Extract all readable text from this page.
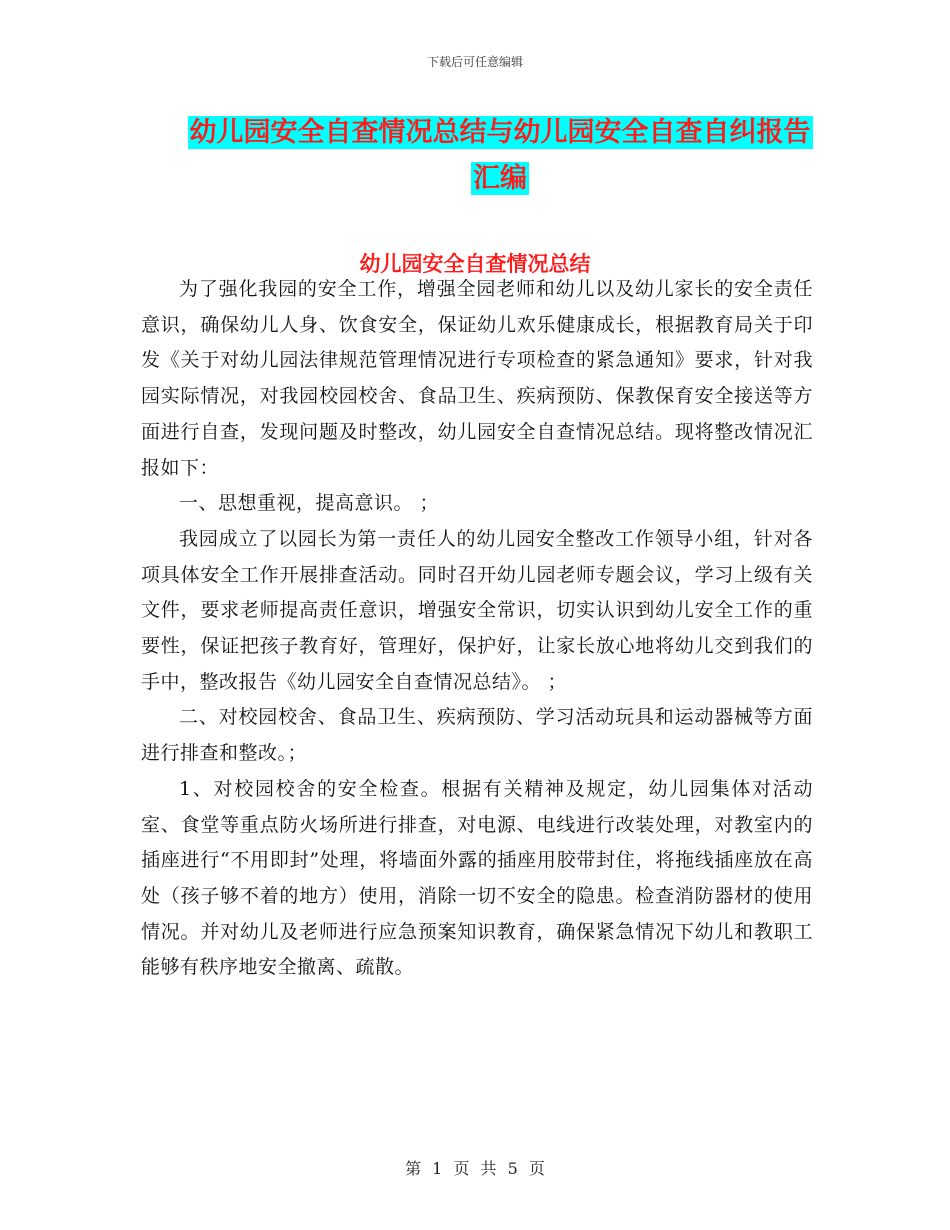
下载后可任意编辑
幼儿园安全自查情况总结与幼儿园安全自查自纠报告
汇编
幼儿园安全自查情况总结

为了强化我园的安全工作，增强全园老师和幼儿以及幼儿家长的安全责任意识，确保幼儿人身、饮食安全，保证幼儿欢乐健康成长，根据教育局关于印发《关于对幼儿园法律规范管理情况进行专项检查的紧急通知》要求，针对我园实际情况，对我园校园校舍、食品卫生、疾病预防、保教保育安全接送等方面进行自查，发现问题及时整改，幼儿园安全自查情况总结。现将整改情况汇报如下：

一、思想重视，提高意识。 ；

我园成立了以园长为第一责任人的幼儿园安全整改工作领导小组，针对各项具体安全工作开展排查活动。同时召开幼儿园老师专题会议，学习上级有关文件，要求老师提高责任意识，增强安全常识，切实认识到幼儿安全工作的重要性，保证把孩子教育好，管理好，保护好，让家长放心地将幼儿交到我们的手中，整改报告《幼儿园安全自查情况总结》。 ；

二、对校园校舍、食品卫生、疾病预防、学习活动玩具和运动器械等方面进行排查和整改。；

1、对校园校舍的安全检查。根据有关精神及规定，幼儿园集体对活动室、食堂等重点防火场所进行排查，对电源、电线进行改装处理，对教室内的插座进行“不用即封”处理，将墙面外露的插座用胶带封住，将拖线插座放在高处（孩子够不着的地方）使用，消除一切不安全的隐患。检查消防器材的使用情况。并对幼儿及老师进行应急预案知识教育，确保紧急情况下幼儿和教职工能够有秩序地安全撤离、疏散。

第 1 页 共 5 页
